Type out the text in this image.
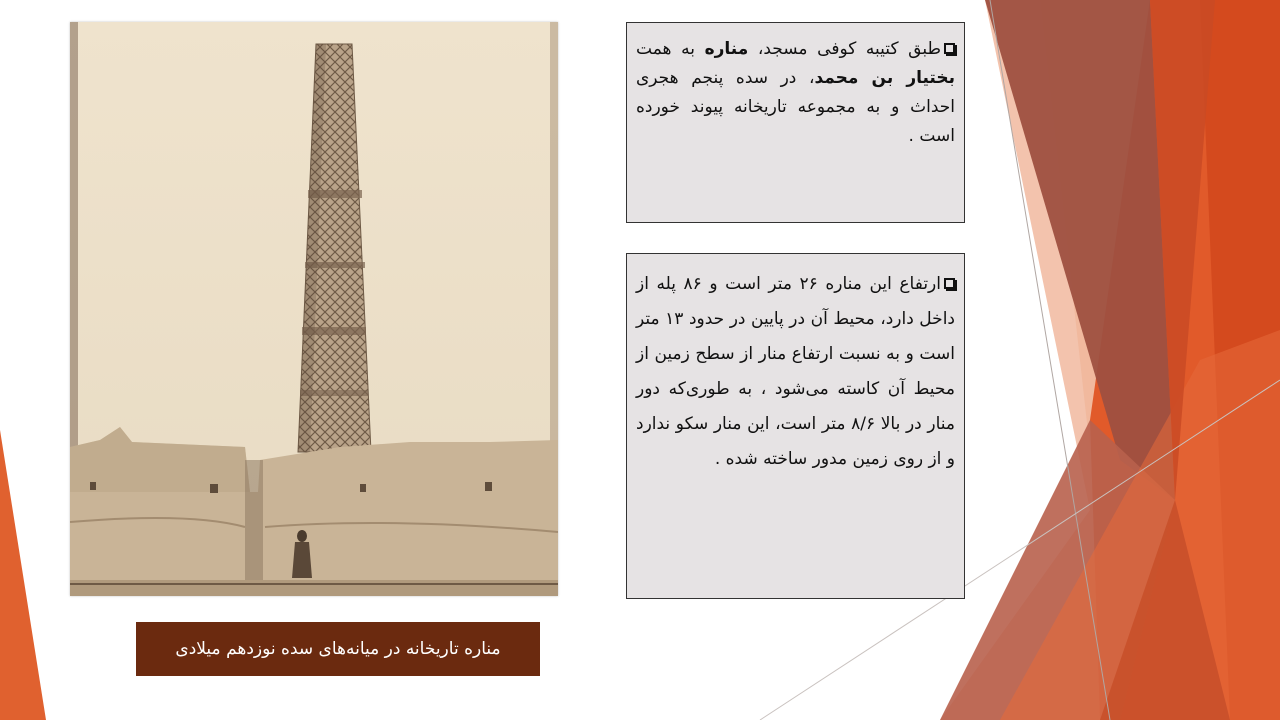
طبق کتیبه کوفی مسجد، مناره به همت بختیار بن محمد، در سده پنجم هجری احداث و به مجموعه تاریخانه پیوند خورده است .
ارتفاع این مناره ۲۶ متر است و ۸۶ پله از داخل دارد، محیط آن در پایین در حدود ۱۳ متر است و به نسبت ارتفاع منار از سطح زمین از محیط آن کاسته می‌شود ، به طوری‌که دور منار در بالا ۸/۶ متر است، این منار سکو ندارد و از روی زمین مدور ساخته شده .
مناره تاریخانه در میانه‌های سده نوزدهم میلادی
